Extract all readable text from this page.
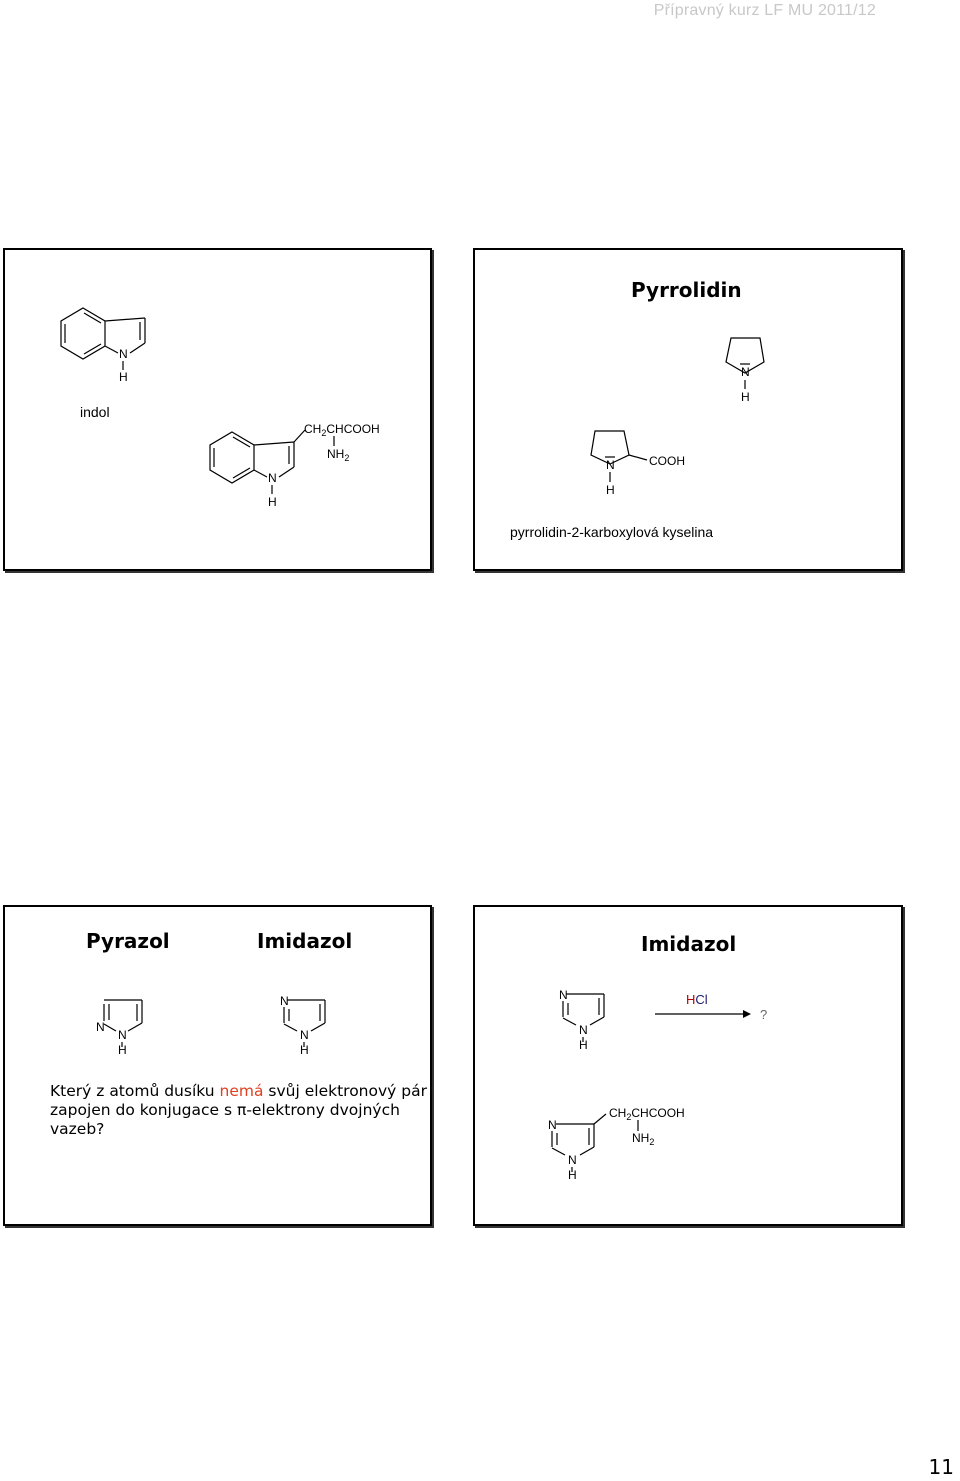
Přípravný kurz LF MU 2011/12
N
H
N
H
$CH_2CHCOOH$
$NH_2$
indol
Pyrrolidin
N
H
N
H
COOH
pyrrolidin-2-karboxylová kyselina
Pyrazol	Imidazol
N
N
H
N
N
H
Který z atomů dusíku nemá svůj elektronový pár
zapojen do konjugace s π-elektrony dvojných vazeb?
Imidazol
N
N
H
HCl
?
N
N
H
$CH_2CHCOOH$
$NH_2$
11
